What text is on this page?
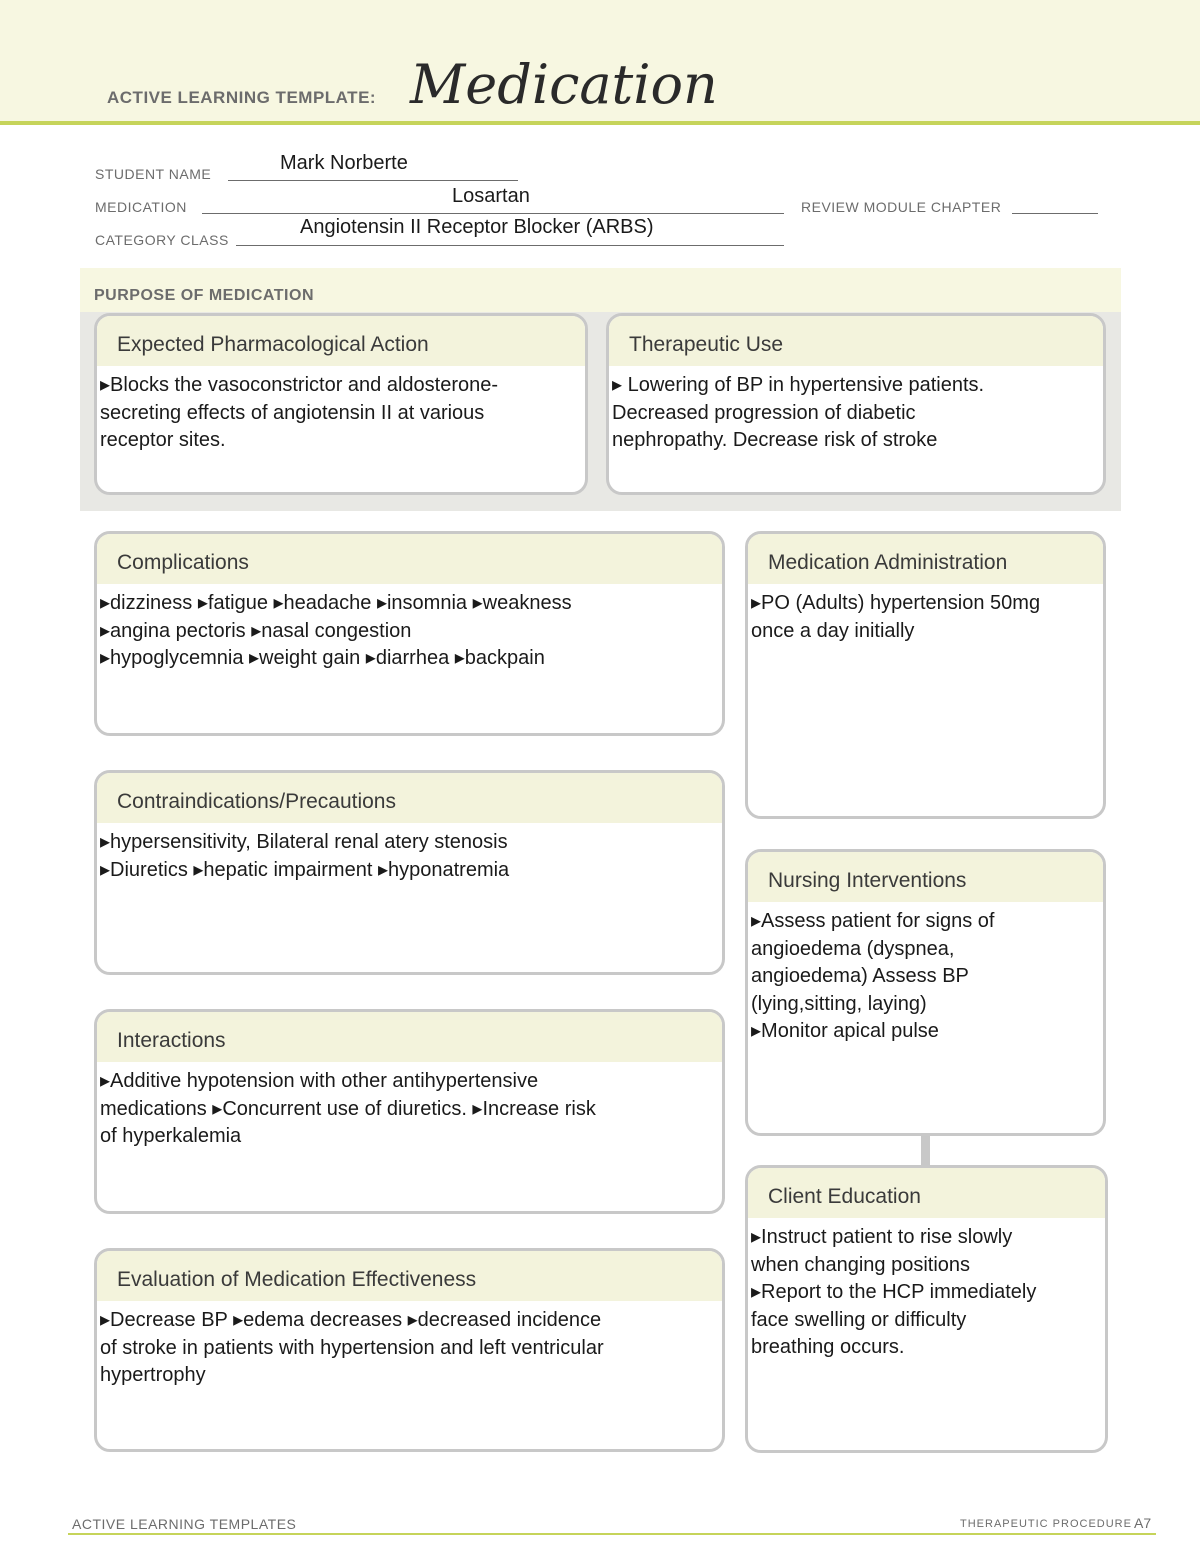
ACTIVE LEARNING TEMPLATE: Medication
STUDENT NAME	Mark Norberte
MEDICATION	Losartan	REVIEW MODULE CHAPTER
CATEGORY CLASS
Angiotensin II Receptor Blocker (ARBS)
PURPOSE OF MEDICATION
Expected Pharmacological Action
▸Blocks the vasoconstrictor and aldosterone-
secreting effects of angiotensin II at various
receptor sites.
Therapeutic Use
▸ Lowering of BP in hypertensive patients.
Decreased progression of diabetic
nephropathy. Decrease risk of stroke
Complications
▸dizziness ▸fatigue ▸headache ▸insomnia ▸weakness
▸angina pectoris ▸nasal congestion
▸hypoglycemnia ▸weight gain ▸diarrhea ▸backpain
Contraindications/Precautions
▸hypersensitivity, Bilateral renal atery stenosis
▸Diuretics ▸hepatic impairment ▸hyponatremia
Interactions
▸Additive hypotension with other antihypertensive
medications ▸Concurrent use of diuretics. ▸Increase risk
of hyperkalemia
Evaluation of Medication Effectiveness
▸Decrease BP ▸edema decreases ▸decreased incidence
of stroke in patients with hypertension and left ventricular
hypertrophy
Medication Administration
▸PO (Adults) hypertension 50mg
once a day initially
Nursing Interventions
▸Assess patient for signs of
angioedema (dyspnea,
angioedema) Assess BP
(lying,sitting, laying)
▸Monitor apical pulse
Client Education
▸Instruct patient to rise slowly
when changing positions
▸Report to the HCP immediately
face swelling or difficulty
breathing occurs.
ACTIVE LEARNING TEMPLATES	THERAPEUTIC PROCEDURE A7
